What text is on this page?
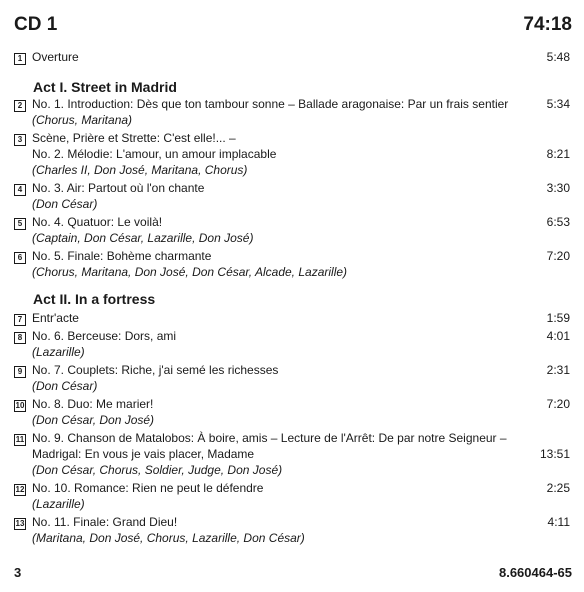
CD 1	74:18
Act I. Street in Madrid
Act II. In a fortress
1 Overture	5:48
2 No. 1. Introduction: Dès que ton tambour sonne – Ballade aragonaise: Par un frais sentier	5:34
(Chorus, Maritana)
3 Scène, Prière et Strette: C'est elle!... –
No. 2. Mélodie: L'amour, un amour implacable	8:21
(Charles II, Don José, Maritana, Chorus)
4 No. 3. Air: Partout où l'on chante	3:30
(Don César)
5 No. 4. Quatuor: Le voilà!	6:53
(Captain, Don César, Lazarille, Don José)
6 No. 5. Finale: Bohème charmante	7:20
(Chorus, Maritana, Don José, Don César, Alcade, Lazarille)
7 Entr'acte	1:59
8 No. 6. Berceuse: Dors, ami	4:01
(Lazarille)
9 No. 7. Couplets: Riche, j'ai semé les richesses	2:31
(Don César)
10 No. 8. Duo: Me marier!	7:20
(Don César, Don José)
11 No. 9. Chanson de Matalobos: À boire, amis – Lecture de l'Arrêt: De par notre Seigneur –
Madrigal: En vous je vais placer, Madame	13:51
(Don César, Chorus, Soldier, Judge, Don José)
12 No. 10. Romance: Rien ne peut le défendre	2:25
(Lazarille)
13 No. 11. Finale: Grand Dieu!	4:11
(Maritana, Don José, Chorus, Lazarille, Don César)
3	8.660464-65
